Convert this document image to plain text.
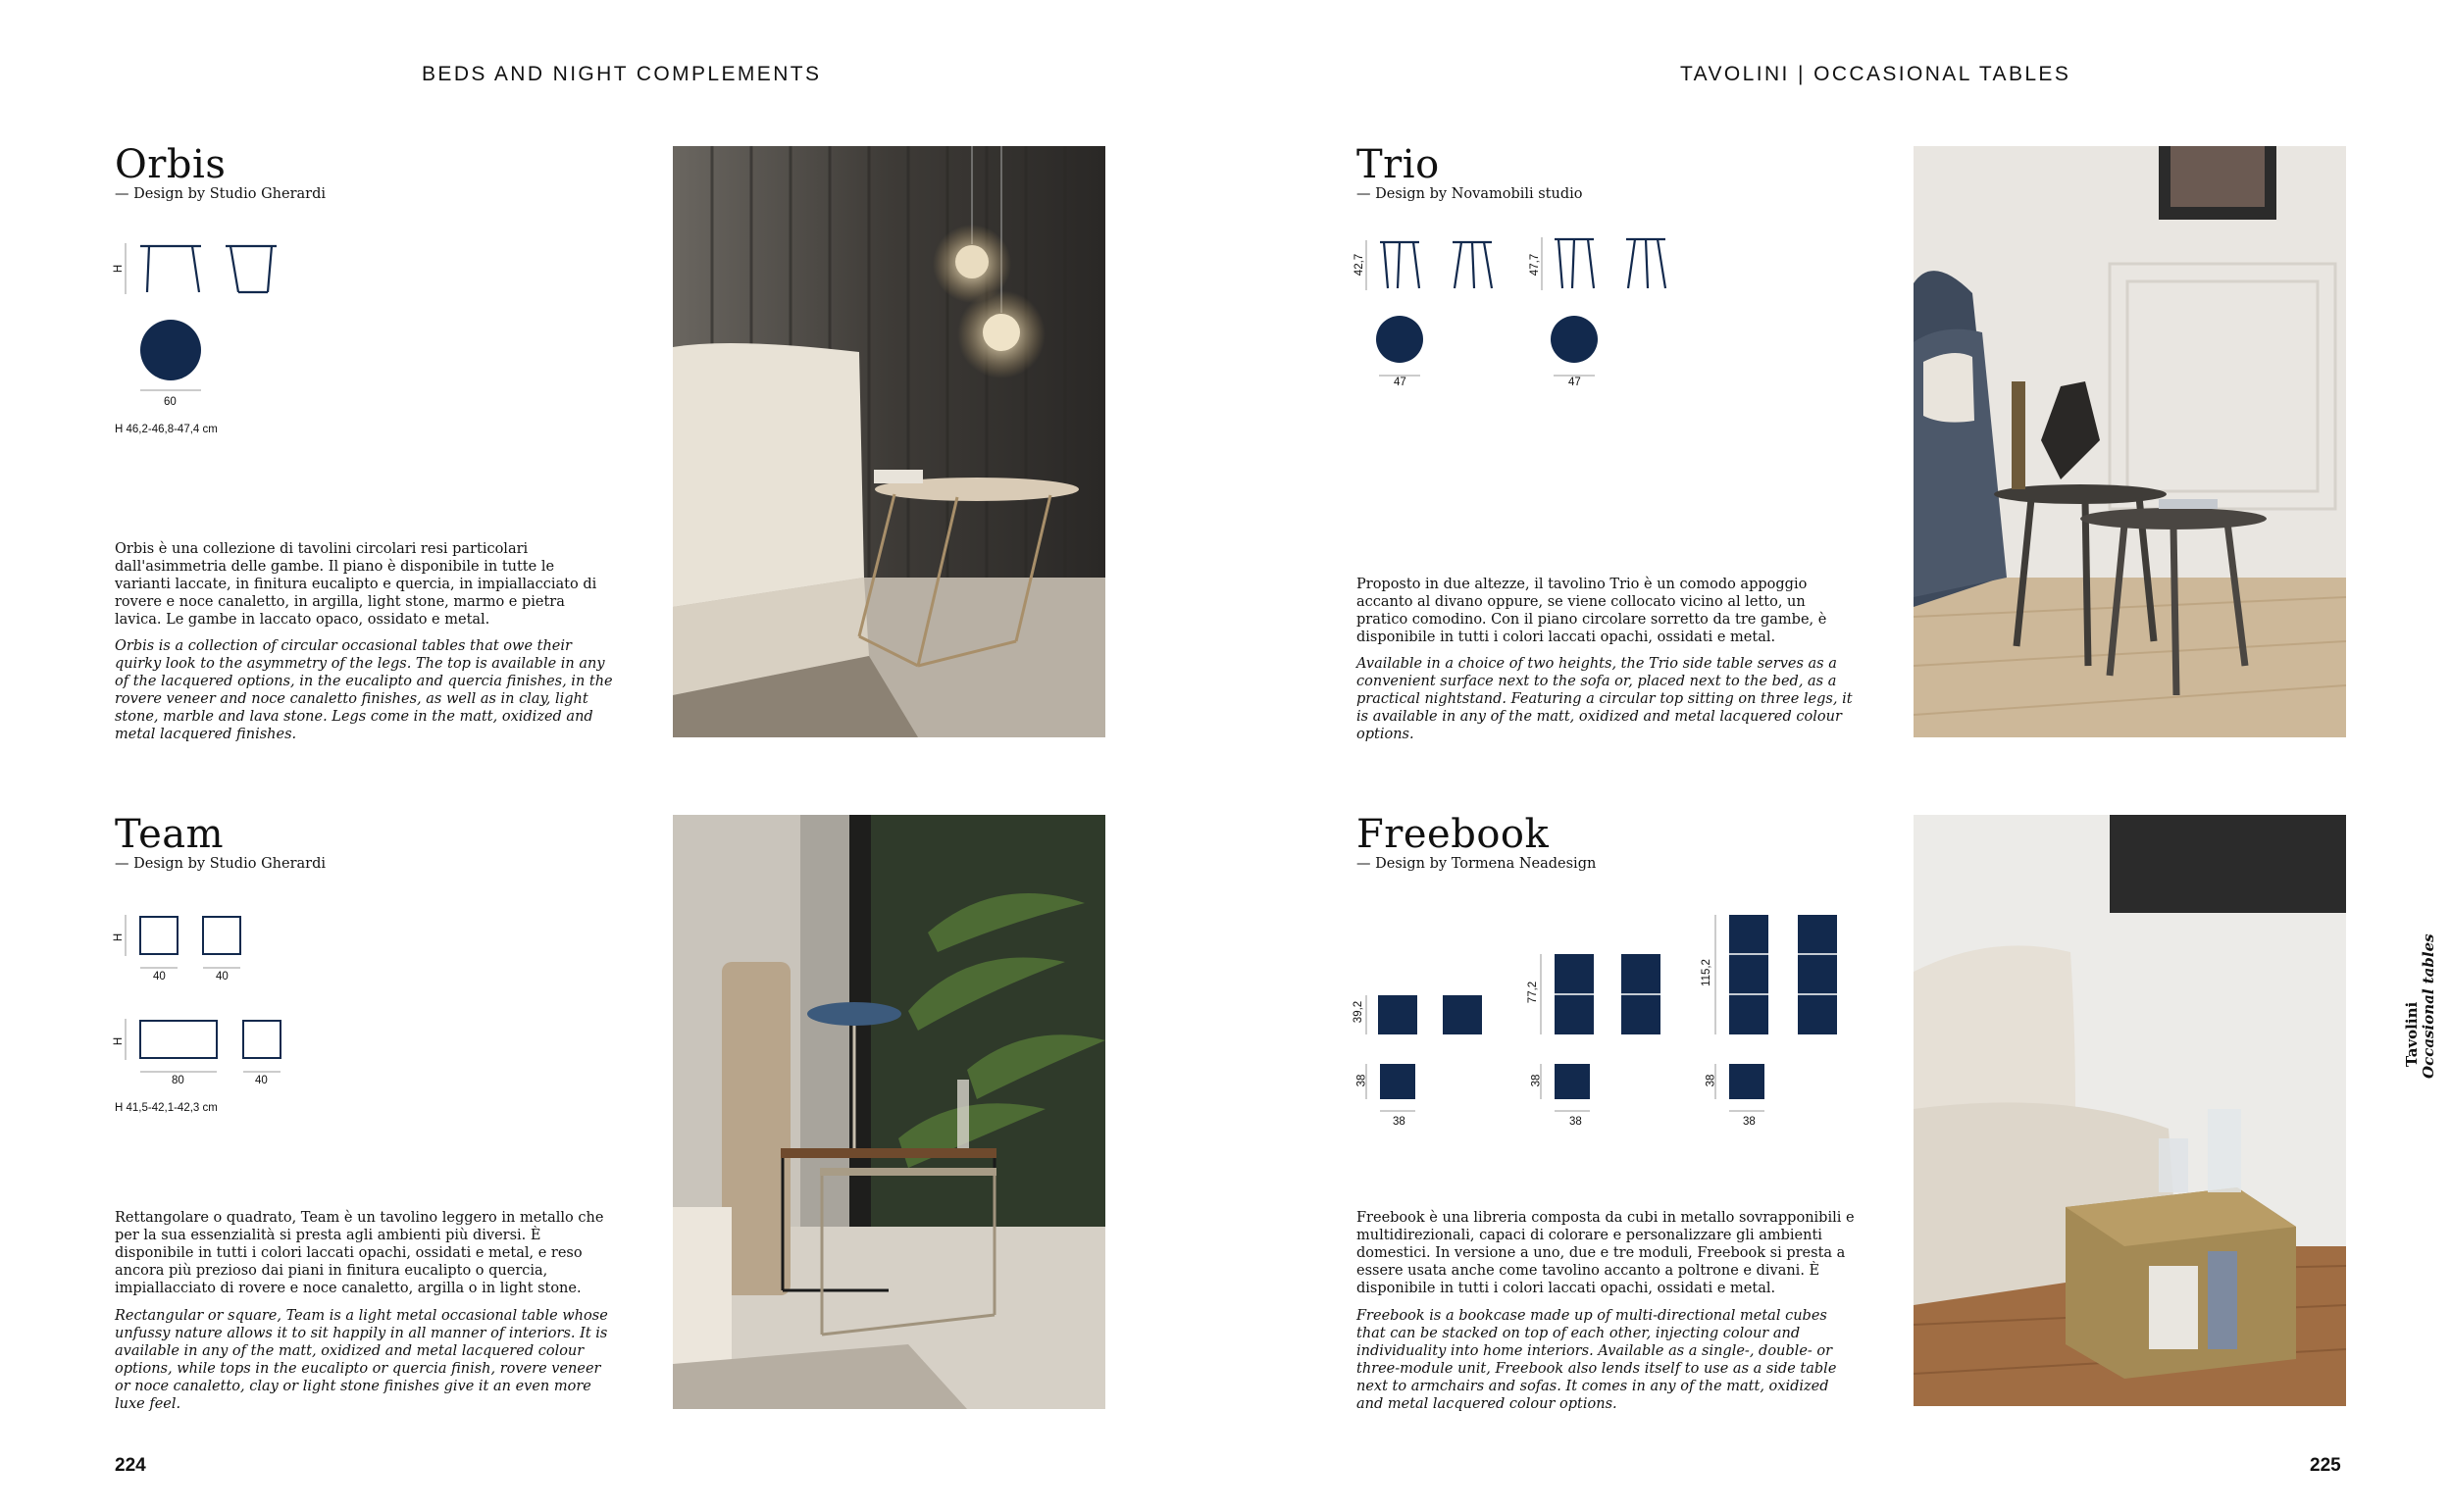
BEDS AND NIGHT COMPLEMENTS
Orbis
— Design by Studio Gherardi
H
60
H 46,2-46,8-47,4 cm
Orbis è una collezione di tavolini circolari resi particolari dall'asimmetria delle gambe. Il piano è disponibile in tutte le varianti laccate, in finitura eucalipto e quercia, in impiallacciato di rovere e noce canaletto, in argilla, light stone, marmo e pietra lavica. Le gambe in laccato opaco, ossidato e metal.
Orbis is a collection of circular occasional tables that owe their quirky look to the asymmetry of the legs. The top is available in any of the lacquered options, in the eucalipto and quercia finishes, in the rovere veneer and noce canaletto finishes, as well as in clay, light stone, marble and lava stone. Legs come in the matt, oxidized and metal lacquered finishes.
Team
— Design by Studio Gherardi
H
H
40	40
80	40
H 41,5-42,1-42,3 cm
Rettangolare o quadrato, Team è un tavolino leggero in metallo che per la sua essenzialità si presta agli ambienti più diversi. È disponibile in tutti i colori laccati opachi, ossidati e metal, e reso ancora più prezioso dai piani in finitura eucalipto o quercia, impiallacciato di rovere e noce canaletto, argilla o in light stone.
Rectangular or square, Team is a light metal occasional table whose unfussy nature allows it to sit happily in all manner of interiors. It is available in any of the matt, oxidized and metal lacquered colour options, while tops in the eucalipto or quercia finish, rovere veneer or noce canaletto, clay or light stone finishes give it an even more luxe feel.
224
TAVOLINI | OCCASIONAL TABLES
Trio
— Design by Novamobili studio
42,7	47,7
47	47
Proposto in due altezze, il tavolino Trio è un comodo appoggio accanto al divano oppure, se viene collocato vicino al letto, un pratico comodino. Con il piano circolare sorretto da tre gambe, è disponibile in tutti i colori laccati opachi, ossidati e metal.
Available in a choice of two heights, the Trio side table serves as a convenient surface next to the sofa or, placed next to the bed, as a practical nightstand. Featuring a circular top sitting on three legs, it is available in any of the matt, oxidized and metal lacquered colour options.
Freebook
— Design by Tormena Neadesign
39,2
77,2
115,2
38	38	38
38	38	38
Freebook è una libreria composta da cubi in metallo sovrapponibili e multidirezionali, capaci di colorare e personalizzare gli ambienti domestici. In versione a uno, due e tre moduli, Freebook si presta a essere usata anche come tavolino accanto a poltrone e divani. È disponibile in tutti i colori laccati opachi, ossidati e metal.
Freebook is a bookcase made up of multi-directional metal cubes that can be stacked on top of each other, injecting colour and individuality into home interiors. Available as a single-, double- or three-module unit, Freebook also lends itself to use as a side table next to armchairs and sofas. It comes in any of the matt, oxidized and metal lacquered colour options.
Tavolini Occasional tables
225
